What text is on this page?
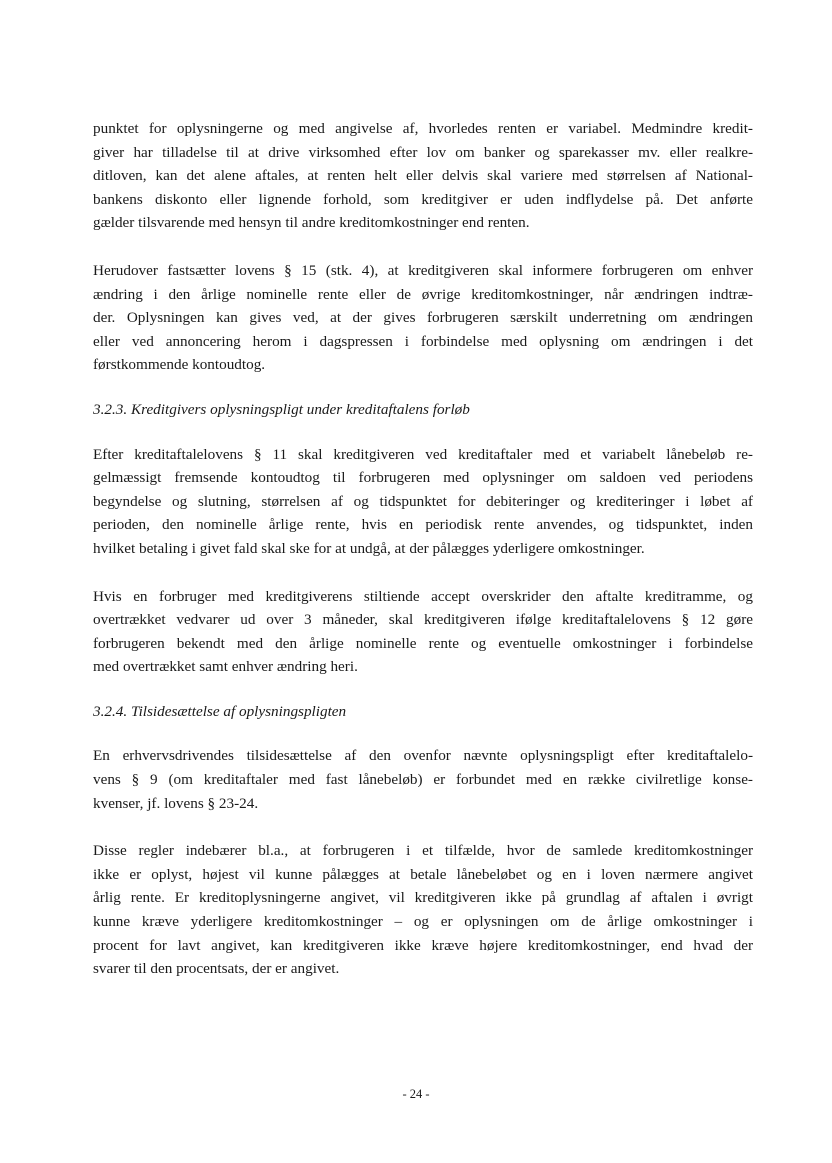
punktet for oplysningerne og med angivelse af, hvorledes renten er variabel. Medmindre kredit-
giver har tilladelse til at drive virksomhed efter lov om banker og sparekasser mv. eller realkre-
ditloven, kan det alene aftales, at renten helt eller delvis skal variere med størrelsen af National-
bankens diskonto eller lignende forhold, som kreditgiver er uden indflydelse på. Det anførte
gælder tilsvarende med hensyn til andre kreditomkostninger end renten.

Herudover fastsætter lovens § 15 (stk. 4), at kreditgiveren skal informere forbrugeren om enhver
ændring i den årlige nominelle rente eller de øvrige kreditomkostninger, når ændringen indtræ-
der. Oplysningen kan gives ved, at der gives forbrugeren særskilt underretning om ændringen
eller ved annoncering herom i dagspressen i forbindelse med oplysning om ændringen i det
førstkommende kontoudtog.

3.2.3. Kreditgivers oplysningspligt under kreditaftalens forløb

Efter kreditaftalelovens § 11 skal kreditgiveren ved kreditaftaler med et variabelt lånebeløb re-
gelmæssigt fremsende kontoudtog til forbrugeren med oplysninger om saldoen ved periodens
begyndelse og slutning, størrelsen af og tidspunktet for debiteringer og krediteringer i løbet af
perioden, den nominelle årlige rente, hvis en periodisk rente anvendes, og tidspunktet, inden
hvilket betaling i givet fald skal ske for at undgå, at der pålægges yderligere omkostninger.

Hvis en forbruger med kreditgiverens stiltiende accept overskrider den aftalte kreditramme, og
overtrækket vedvarer ud over 3 måneder, skal kreditgiveren ifølge kreditaftalelovens § 12 gøre
forbrugeren bekendt med den årlige nominelle rente og eventuelle omkostninger i forbindelse
med overtrækket samt enhver ændring heri.

3.2.4. Tilsidesættelse af oplysningspligten

En erhvervsdrivendes tilsidesættelse af den ovenfor nævnte oplysningspligt efter kreditaftalelo-
vens § 9 (om kreditaftaler med fast lånebeløb) er forbundet med en række civilretlige konse-
kvenser, jf. lovens § 23-24.

Disse regler indebærer bl.a., at forbrugeren i et tilfælde, hvor de samlede kreditomkostninger
ikke er oplyst, højest vil kunne pålægges at betale lånebeløbet og en i loven nærmere angivet
årlig rente. Er kreditoplysningerne angivet, vil kreditgiveren ikke på grundlag af aftalen i øvrigt
kunne kræve yderligere kreditomkostninger – og er oplysningen om de årlige omkostninger i
procent for lavt angivet, kan kreditgiveren ikke kræve højere kreditomkostninger, end hvad der
svarer til den procentsats, der er angivet.

- 24 -
